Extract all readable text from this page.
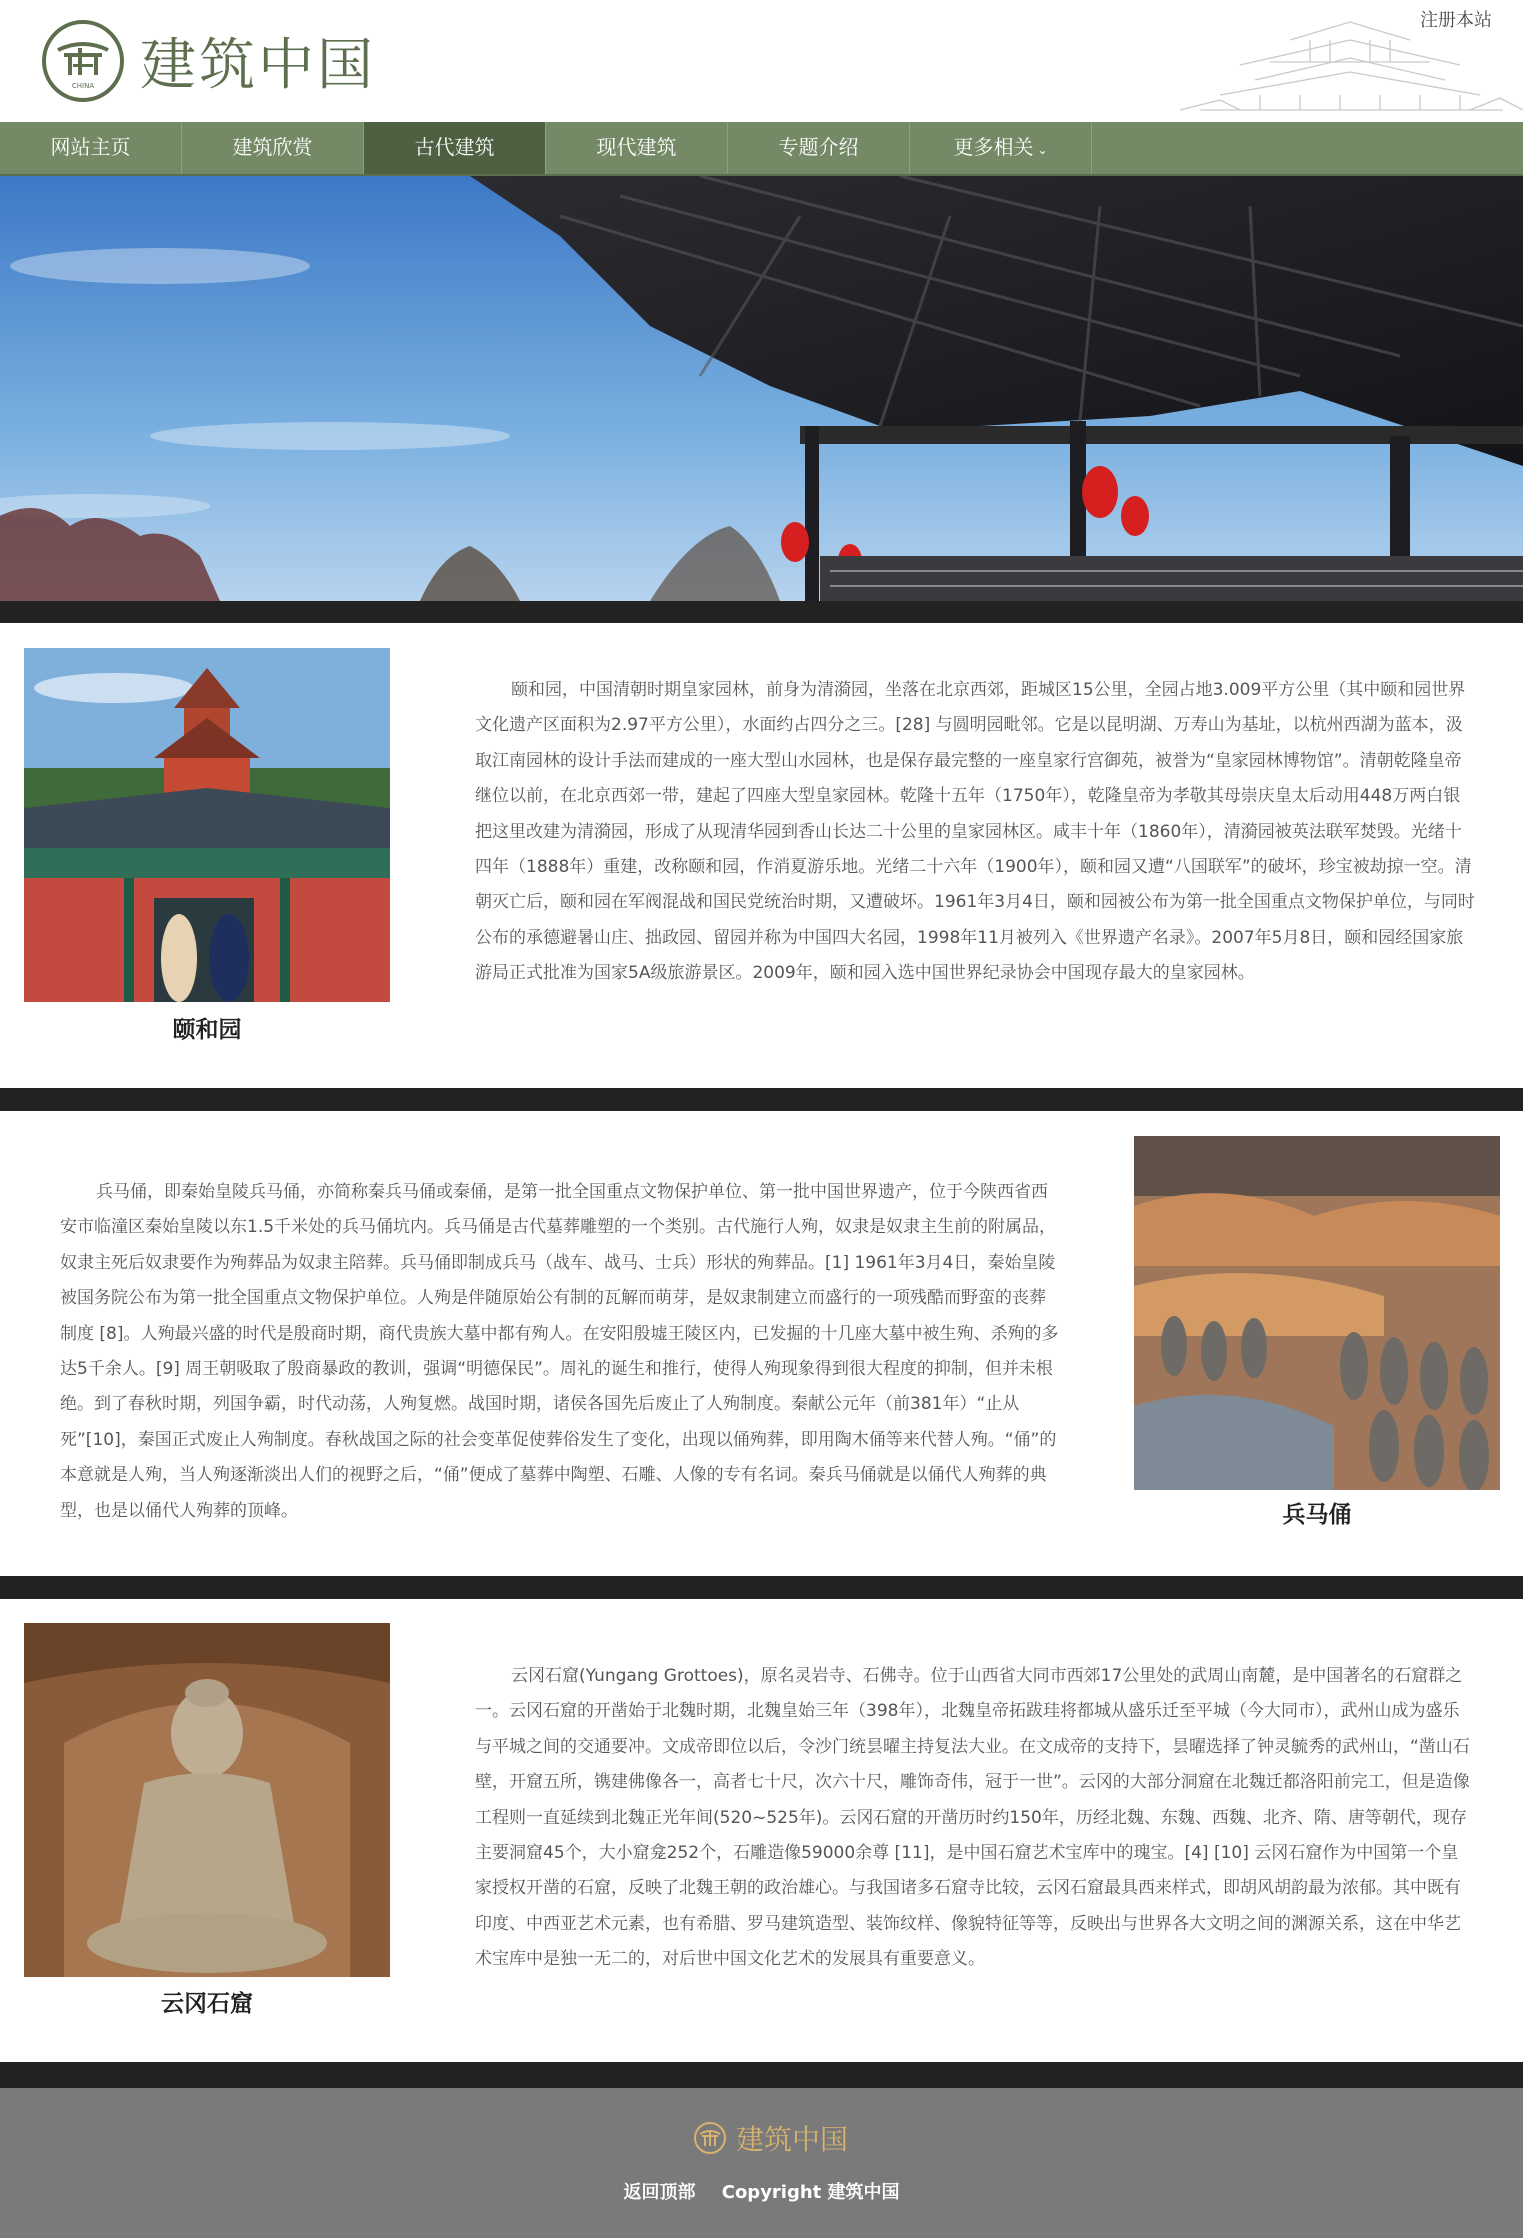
CHINA 建筑中国
注册本站
网站主页	建筑欣赏	古代建筑	现代建筑	专题介绍	更多相关 ⌄
颐和园

颐和园，中国清朝时期皇家园林，前身为清漪园，坐落在北京西郊，距城区15公里，全园占地3.009平方公里（其中颐和园世界文化遗产区面积为2.97平方公里），水面约占四分之三。[28] 与圆明园毗邻。它是以昆明湖、万寿山为基址，以杭州西湖为蓝本，汲取江南园林的设计手法而建成的一座大型山水园林，也是保存最完整的一座皇家行宫御苑，被誉为“皇家园林博物馆”。清朝乾隆皇帝继位以前，在北京西郊一带，建起了四座大型皇家园林。乾隆十五年（1750年），乾隆皇帝为孝敬其母崇庆皇太后动用448万两白银把这里改建为清漪园，形成了从现清华园到香山长达二十公里的皇家园林区。咸丰十年（1860年），清漪园被英法联军焚毁。光绪十四年（1888年）重建，改称颐和园，作消夏游乐地。光绪二十六年（1900年），颐和园又遭“八国联军”的破坏，珍宝被劫掠一空。清朝灭亡后，颐和园在军阀混战和国民党统治时期，又遭破坏。1961年3月4日，颐和园被公布为第一批全国重点文物保护单位，与同时公布的承德避暑山庄、拙政园、留园并称为中国四大名园，1998年11月被列入《世界遗产名录》。2007年5月8日，颐和园经国家旅游局正式批准为国家5A级旅游景区。2009年，颐和园入选中国世界纪录协会中国现存最大的皇家园林。

兵马俑，即秦始皇陵兵马俑，亦简称秦兵马俑或秦俑，是第一批全国重点文物保护单位、第一批中国世界遗产，位于今陕西省西安市临潼区秦始皇陵以东1.5千米处的兵马俑坑内。兵马俑是古代墓葬雕塑的一个类别。古代施行人殉，奴隶是奴隶主生前的附属品，奴隶主死后奴隶要作为殉葬品为奴隶主陪葬。兵马俑即制成兵马（战车、战马、士兵）形状的殉葬品。[1] 1961年3月4日，秦始皇陵被国务院公布为第一批全国重点文物保护单位。人殉是伴随原始公有制的瓦解而萌芽，是奴隶制建立而盛行的一项残酷而野蛮的丧葬制度 [8]。人殉最兴盛的时代是殷商时期，商代贵族大墓中都有殉人。在安阳殷墟王陵区内，已发掘的十几座大墓中被生殉、杀殉的多达5千余人。[9] 周王朝吸取了殷商暴政的教训，强调“明德保民”。周礼的诞生和推行，使得人殉现象得到很大程度的抑制，但并未根绝。到了春秋时期，列国争霸，时代动荡，人殉复燃。战国时期，诸侯各国先后废止了人殉制度。秦献公元年（前381年）“止从死”[10]，秦国正式废止人殉制度。春秋战国之际的社会变革促使葬俗发生了变化，出现以俑殉葬，即用陶木俑等来代替人殉。“俑”的本意就是人殉，当人殉逐渐淡出人们的视野之后，“俑”便成了墓葬中陶塑、石雕、人像的专有名词。秦兵马俑就是以俑代人殉葬的典型，也是以俑代人殉葬的顶峰。	兵马俑
云冈石窟

云冈石窟(Yungang Grottoes)，原名灵岩寺、石佛寺。位于山西省大同市西郊17公里处的武周山南麓，是中国著名的石窟群之一。云冈石窟的开凿始于北魏时期，北魏皇始三年（398年），北魏皇帝拓跋珪将都城从盛乐迁至平城（今大同市），武州山成为盛乐与平城之间的交通要冲。文成帝即位以后，令沙门统昙曜主持复法大业。在文成帝的支持下，昙曜选择了钟灵毓秀的武州山，“凿山石壁，开窟五所，镌建佛像各一，高者七十尺，次六十尺，雕饰奇伟，冠于一世”。云冈的大部分洞窟在北魏迁都洛阳前完工，但是造像工程则一直延续到北魏正光年间(520~525年)。云冈石窟的开凿历时约150年，历经北魏、东魏、西魏、北齐、隋、唐等朝代，现存主要洞窟45个，大小窟龛252个，石雕造像59000余尊 [11]，是中国石窟艺术宝库中的瑰宝。[4] [10] 云冈石窟作为中国第一个皇家授权开凿的石窟，反映了北魏王朝的政治雄心。与我国诸多石窟寺比较，云冈石窟最具西来样式，即胡风胡韵最为浓郁。其中既有印度、中西亚艺术元素，也有希腊、罗马建筑造型、装饰纹样、像貌特征等等，反映出与世界各大文明之间的渊源关系，这在中华艺术宝库中是独一无二的，对后世中国文化艺术的发展具有重要意义。

建筑中国
返回顶部 Copyright 建筑中国
